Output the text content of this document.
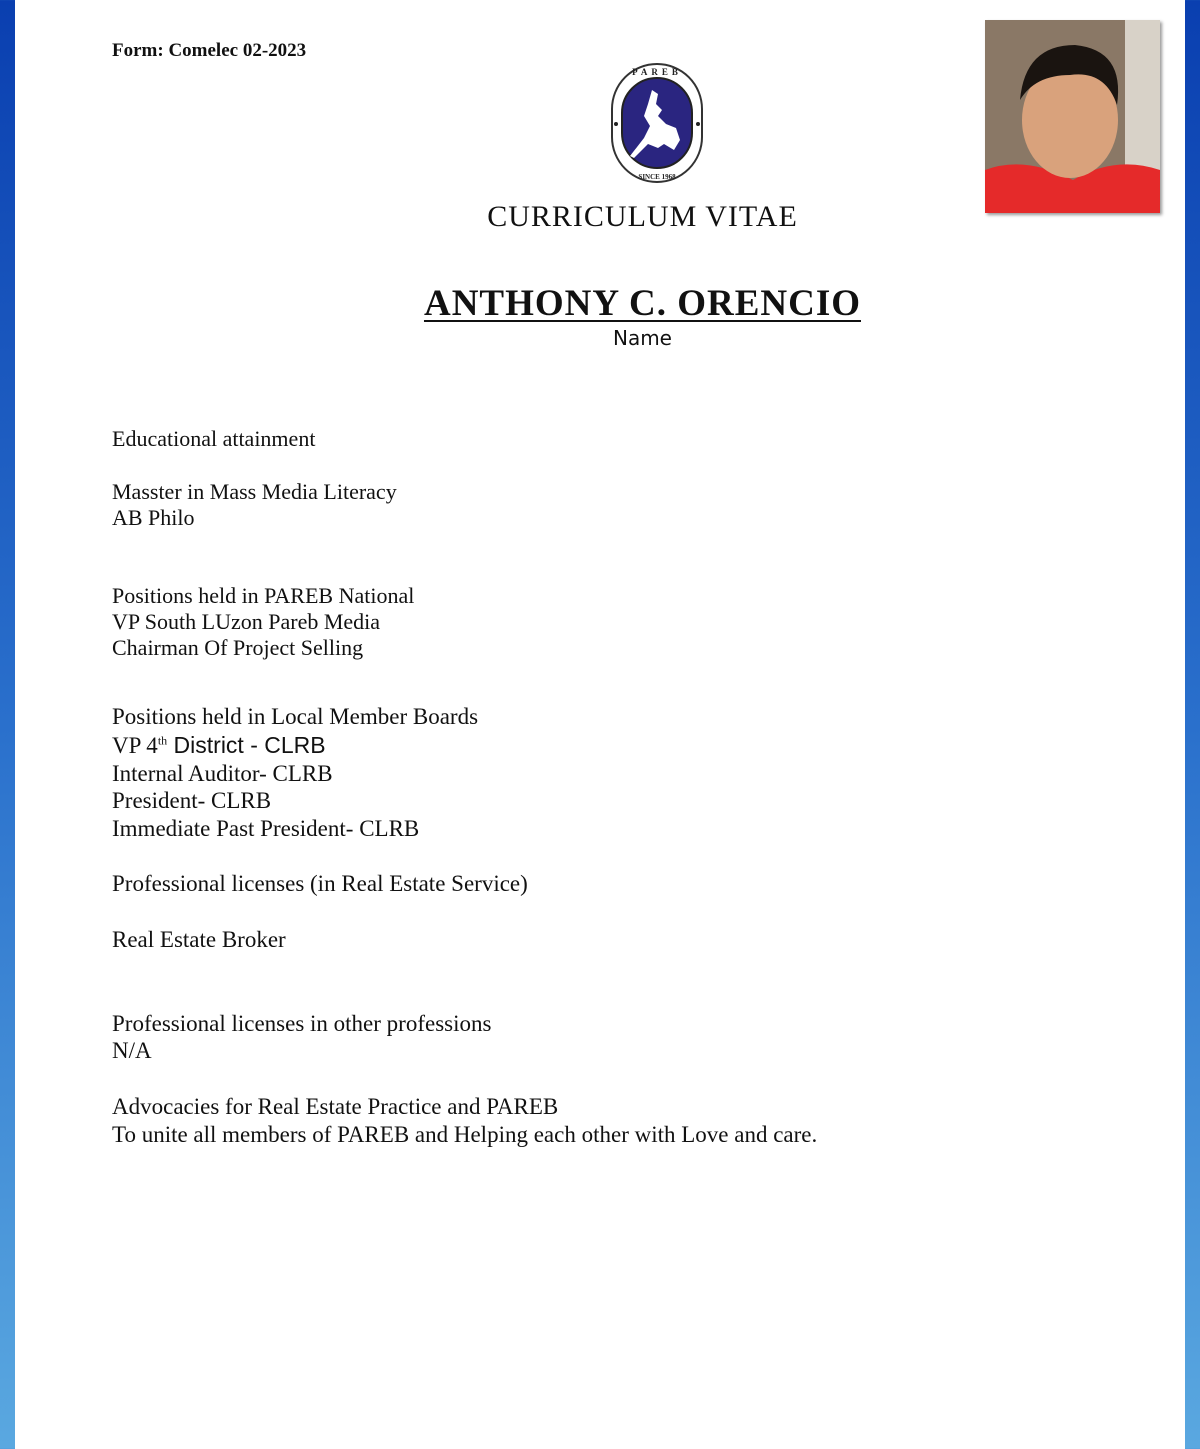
Form: Comelec 02-2023
PAREB
SINCE 1968
CURRICULUM VITAE
ANTHONY C. ORENCIO
Name
Educational attainment
Masster in Mass Media Literacy
AB Philo
Positions held in PAREB National
VP South LUzon Pareb Media
Chairman Of Project Selling
Positions held in Local Member Boards
VP 4th District - CLRB
Internal Auditor- CLRB
President- CLRB
Immediate Past President- CLRB
Professional licenses (in Real Estate Service)
Real Estate Broker
Professional licenses in other professions
N/A
Advocacies for Real Estate Practice and PAREB
To unite all members of PAREB and Helping each other with Love and care.
